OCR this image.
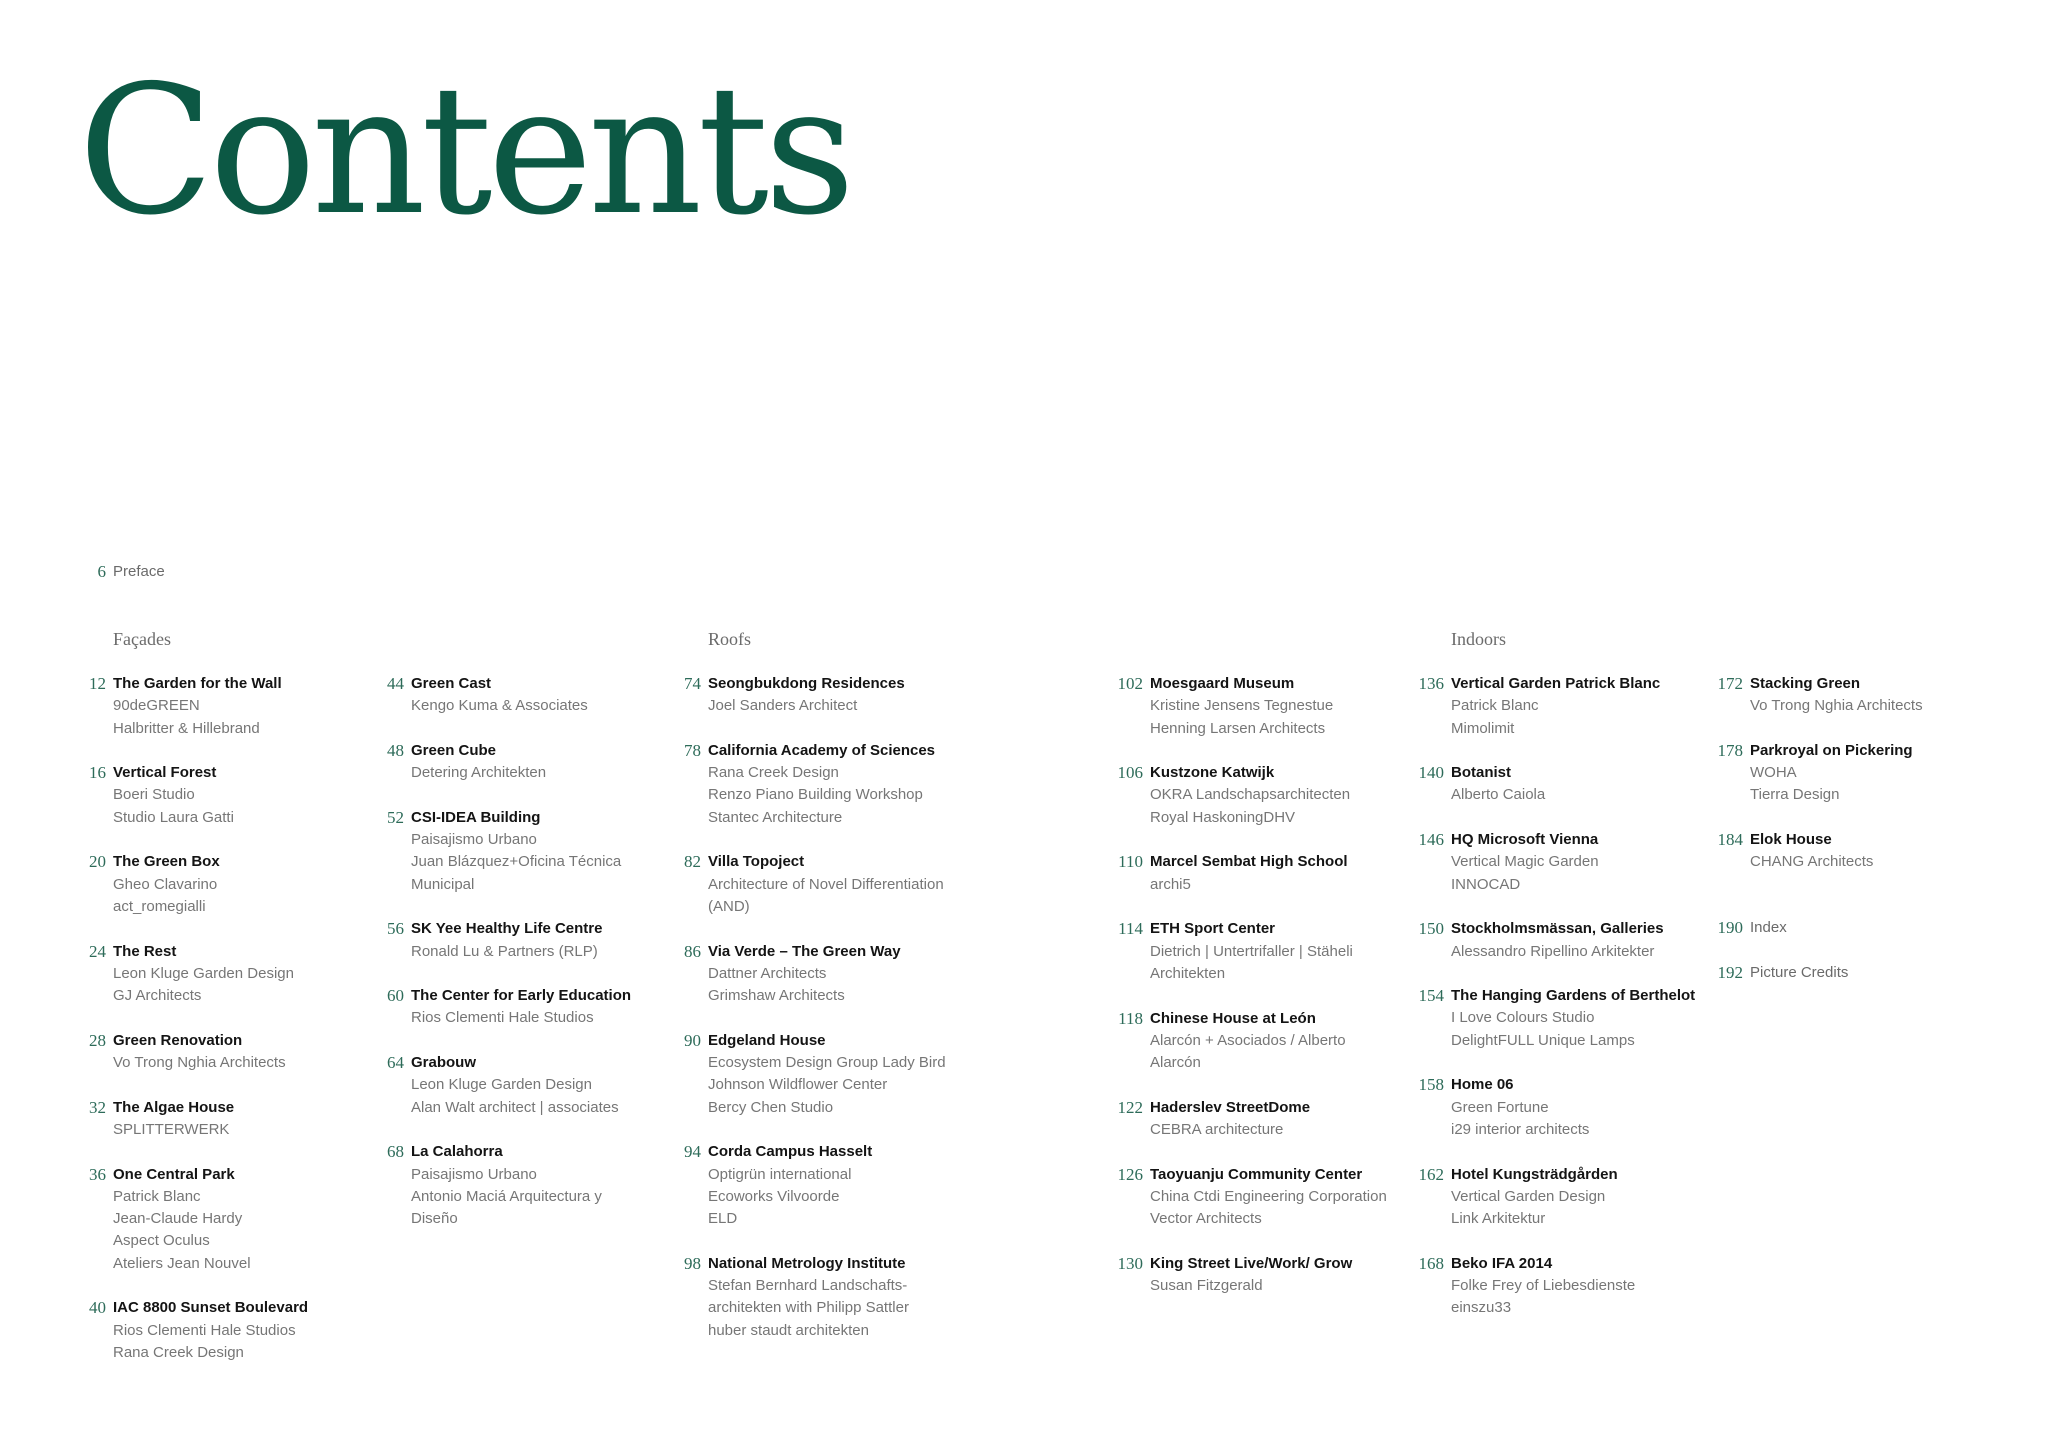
Contents
6 Preface
Façades	Roofs	Indoors
12 The Garden for the Wall
90deGREEN
Halbritter & Hillebrand
16 Vertical Forest
Boeri Studio
Studio Laura Gatti
20 The Green Box
Gheo Clavarino
act_romegialli
24 The Rest
Leon Kluge Garden Design
GJ Architects
28 Green Renovation
Vo Trong Nghia Architects
32 The Algae House
SPLITTERWERK
36 One Central Park
Patrick Blanc
Jean-Claude Hardy
Aspect Oculus
Ateliers Jean Nouvel
40 IAC 8800 Sunset Boulevard
Rios Clementi Hale Studios
Rana Creek Design
44 Green Cast
Kengo Kuma & Associates
48 Green Cube
Detering Architekten
52 CSI-IDEA Building
Paisajismo Urbano
Juan Blázquez+Oficina Técnica
Municipal
56 SK Yee Healthy Life Centre
Ronald Lu & Partners (RLP)
60 The Center for Early Education
Rios Clementi Hale Studios
64 Grabouw
Leon Kluge Garden Design
Alan Walt architect | associates
68 La Calahorra
Paisajismo Urbano
Antonio Maciá Arquitectura y
Diseño
74 Seongbukdong Residences
Joel Sanders Architect
78 California Academy of Sciences
Rana Creek Design
Renzo Piano Building Workshop
Stantec Architecture
82 Villa Topoject
Architecture of Novel Differentiation
(AND)
86 Via Verde – The Green Way
Dattner Architects
Grimshaw Architects
90 Edgeland House
Ecosystem Design Group Lady Bird
Johnson Wildflower Center
Bercy Chen Studio
94 Corda Campus Hasselt
Optigrün international
Ecoworks Vilvoorde
ELD
98 National Metrology Institute
Stefan Bernhard Landschafts-
architekten with Philipp Sattler
huber staudt architekten
102 Moesgaard Museum
Kristine Jensens Tegnestue
Henning Larsen Architects
106 Kustzone Katwijk
OKRA Landschapsarchitecten
Royal HaskoningDHV
110 Marcel Sembat High School
archi5
114 ETH Sport Center
Dietrich | Untertrifaller | Stäheli
Architekten
118 Chinese House at León
Alarcón + Asociados / Alberto
Alarcón
122 Haderslev StreetDome
CEBRA architecture
126 Taoyuanju Community Center
China Ctdi Engineering Corporation
Vector Architects
130 King Street Live/Work/ Grow
Susan Fitzgerald
136 Vertical Garden Patrick Blanc
Patrick Blanc
Mimolimit
140 Botanist
Alberto Caiola
146 HQ Microsoft Vienna
Vertical Magic Garden
INNOCAD
150 Stockholmsmässan, Galleries
Alessandro Ripellino Arkitekter
154 The Hanging Gardens of Berthelot
I Love Colours Studio
DelightFULL Unique Lamps
158 Home 06
Green Fortune
i29 interior architects
162 Hotel Kungsträdgården
Vertical Garden Design
Link Arkitektur
168 Beko IFA 2014
Folke Frey of Liebesdienste
einszu33
172 Stacking Green
Vo Trong Nghia Architects
178 Parkroyal on Pickering
WOHA
Tierra Design
184 Elok House
CHANG Architects
190 Index
192 Picture Credits
